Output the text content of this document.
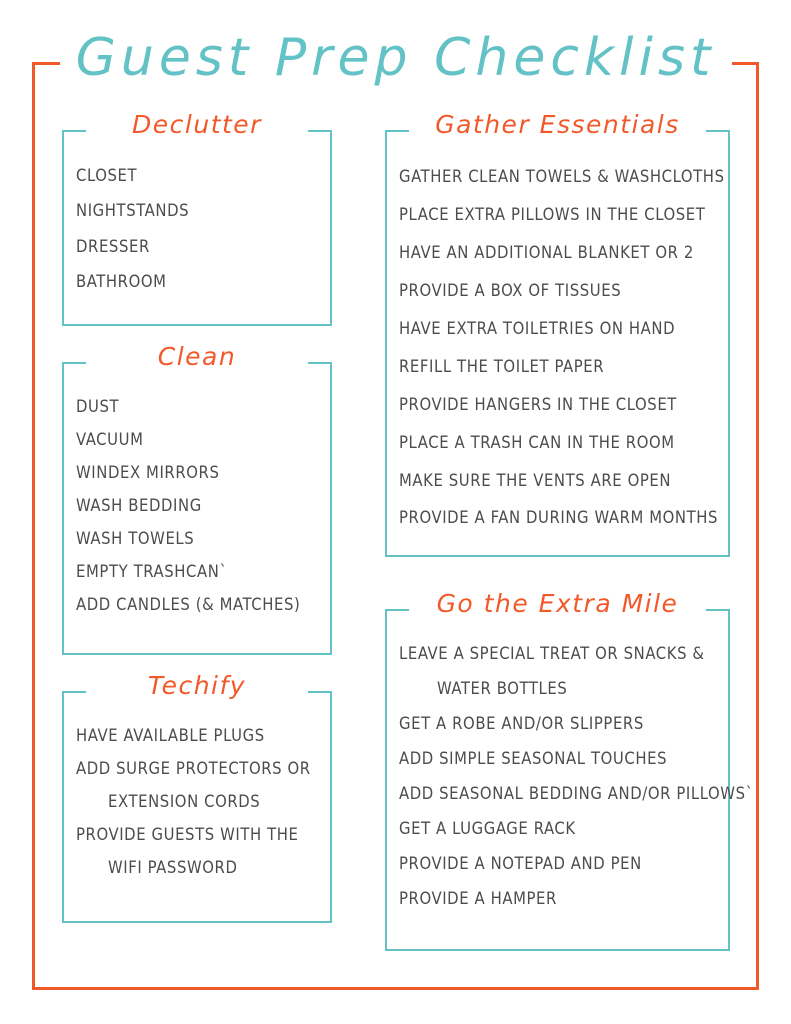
Guest Prep Checklist
Declutter
CLOSET
NIGHTSTANDS
DRESSER
BATHROOM
Clean
DUST
VACUUM
WINDEX MIRRORS
WASH BEDDING
WASH TOWELS
EMPTY TRASHCAN`
ADD CANDLES (& MATCHES)
Techify
HAVE AVAILABLE PLUGS
ADD SURGE PROTECTORS OR
EXTENSION CORDS
PROVIDE GUESTS WITH THE
WIFI PASSWORD
Gather Essentials
GATHER CLEAN TOWELS & WASHCLOTHS
PLACE EXTRA PILLOWS IN THE CLOSET
HAVE AN ADDITIONAL BLANKET OR 2
PROVIDE A BOX OF TISSUES
HAVE EXTRA TOILETRIES ON HAND
REFILL THE TOILET PAPER
PROVIDE HANGERS IN THE CLOSET
PLACE A TRASH CAN IN THE ROOM
MAKE SURE THE VENTS ARE OPEN
PROVIDE A FAN DURING WARM MONTHS
Go the Extra Mile
LEAVE A SPECIAL TREAT OR SNACKS &
WATER BOTTLES
GET A ROBE AND/OR SLIPPERS
ADD SIMPLE SEASONAL TOUCHES
ADD SEASONAL BEDDING AND/OR PILLOWS`
GET A LUGGAGE RACK
PROVIDE A NOTEPAD AND PEN
PROVIDE A HAMPER
